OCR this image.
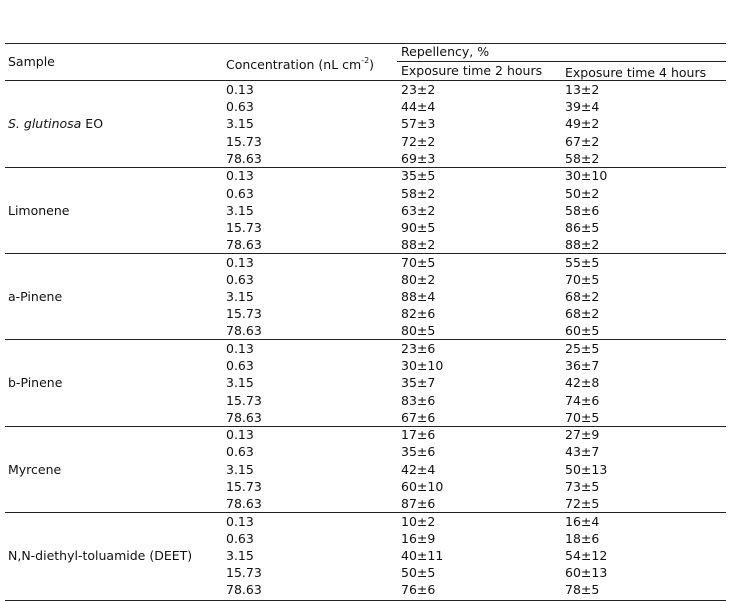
Sample	Concentration (nL $cm^{-2}$)
Repellency, %
Exposure time 2 hours Exposure time 4 hours
S. glutinosa EO
0.13	23±2	13±2
0.63	44±4	39±4
3.15	57±3	49±2
15.73	72±2	67±2
78.63	69±3	58±2
Limonene
0.13	35±5	30±10
0.63	58±2	50±2
3.15	63±2	58±6
15.73	90±5	86±5
78.63	88±2	88±2
a-Pinene
0.13	70±5	55±5
0.63	80±2	70±5
3.15	88±4	68±2
15.73	82±6	68±2
78.63	80±5	60±5
b-Pinene
0.13	23±6	25±5
0.63	30±10	36±7
3.15	35±7	42±8
15.73	83±6	74±6
78.63	67±6	70±5
Myrcene
0.13	17±6	27±9
0.63	35±6	43±7
3.15	42±4	50±13
15.73	60±10	73±5
78.63	87±6	72±5
N,N-diethyl-toluamide (DEET)
0.13	10±2	16±4
0.63	16±9	18±6
3.15	40±11	54±12
15.73	50±5	60±13
78.63	76±6	78±5
